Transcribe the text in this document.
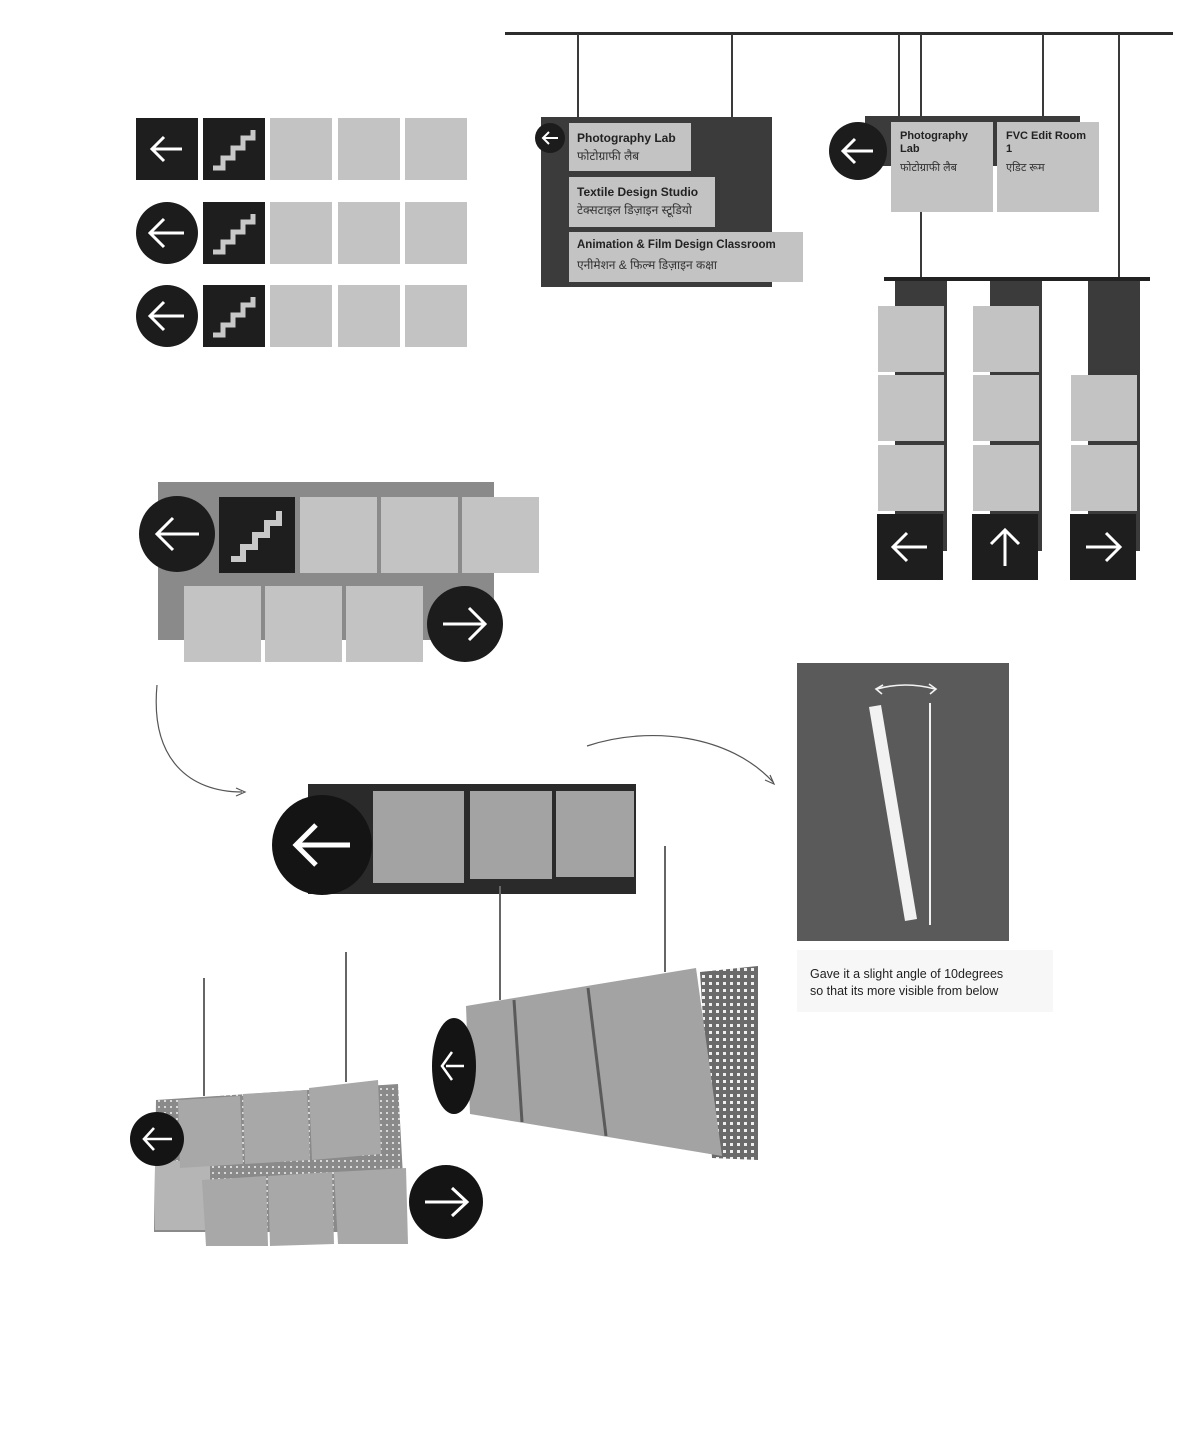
Photography Lab
फोटोग्राफी लैब
Textile Design Studio
टेक्सटाइल डिज़ाइन स्टूडियो
Animation & Film Design Classroom
एनीमेशन & फिल्म डिज़ाइन कक्षा
Photography Lab
फोटोग्राफी लैब
FVC Edit Room 1
एडिट रूम
Gave it a slight angle of 10degrees
so that its more visible from below
